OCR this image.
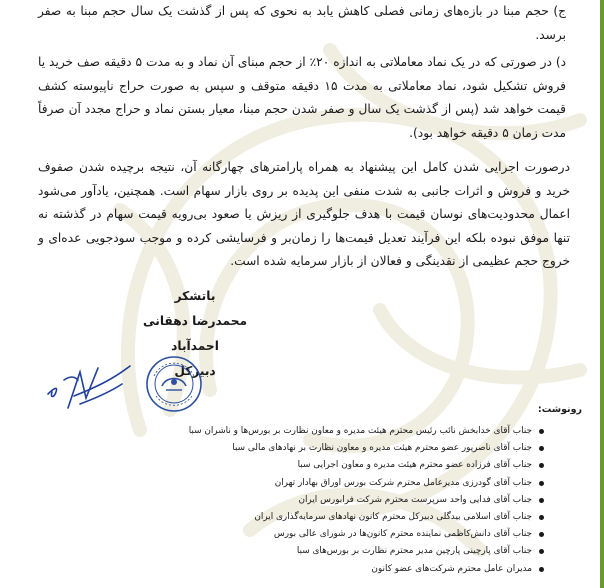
ج) حجم مبنا در بازه‌های زمانی فصلی کاهش یابد به نحوی که پس از گذشت یک سال حجم مبنا به صفر برسد.

د) در صورتی که در یک نماد معاملاتی به اندازه ۲۰٪ از حجم مبنای آن نماد و به مدت ۵ دقیقه صف خرید یا فروش تشکیل شود، نماد معاملاتی به مدت ۱۵ دقیقه متوقف و سپس به صورت حراج ناپیوسته کشف قیمت خواهد شد (پس از گذشت یک سال و صفر شدن حجم مبنا، معیار بستن نماد و حراج مجدد آن صرفاً مدت زمان ۵ دقیقه خواهد بود).

درصورت اجرایی شدن کامل این پیشنهاد به همراه پارامترهای چهارگانه آن، نتیجه برچیده شدن صفوف خرید و فروش و اثرات جانبی به شدت منفی این پدیده بر روی بازار سهام است. همچنین، یادآور می‌شود اعمال محدودیت‌های نوسان قیمت با هدف جلوگیری از ریزش یا صعود بی‌رویه قیمت سهام در گذشته نه تنها موفق نبوده بلکه این فرآیند تعدیل قیمت‌ها را زمان‌بر و فرسایشی کرده و موجب سودجویی عده‌ای و خروج حجم عظیمی از نقدینگی و فعالان از بازار سرمایه شده است.

باتشکر
محمدرضا دهقانی احمدآباد
دبیرکل
رونوشت:
جناب آقای خدابخش نائب رئیس محترم هیئت مدیره و معاون نظارت بر بورس‌ها و ناشران سبا
جناب آقای ناصرپور عضو محترم هیئت مدیره و معاون نظارت بر نهادهای مالی سبا
جناب آقای فرزاده عضو محترم هیئت مدیره و معاون اجرایی سبا
جناب آقای گودرزی مدیرعامل محترم شرکت بورس اوراق بهادار تهران
جناب آقای فدایی واحد سرپرست محترم شرکت فرابورس ایران
جناب آقای اسلامی بیدگلی دبیرکل محترم کانون نهادهای سرمایه‌گذاری ایران
جناب آقای دانش‌کاظمی نماینده محترم کانون‌ها در شورای عالی بورس
جناب آقای پارچینی پارچین مدیر محترم نظارت بر بورس‌های سبا
مدیران عامل محترم شرکت‌های عضو کانون
